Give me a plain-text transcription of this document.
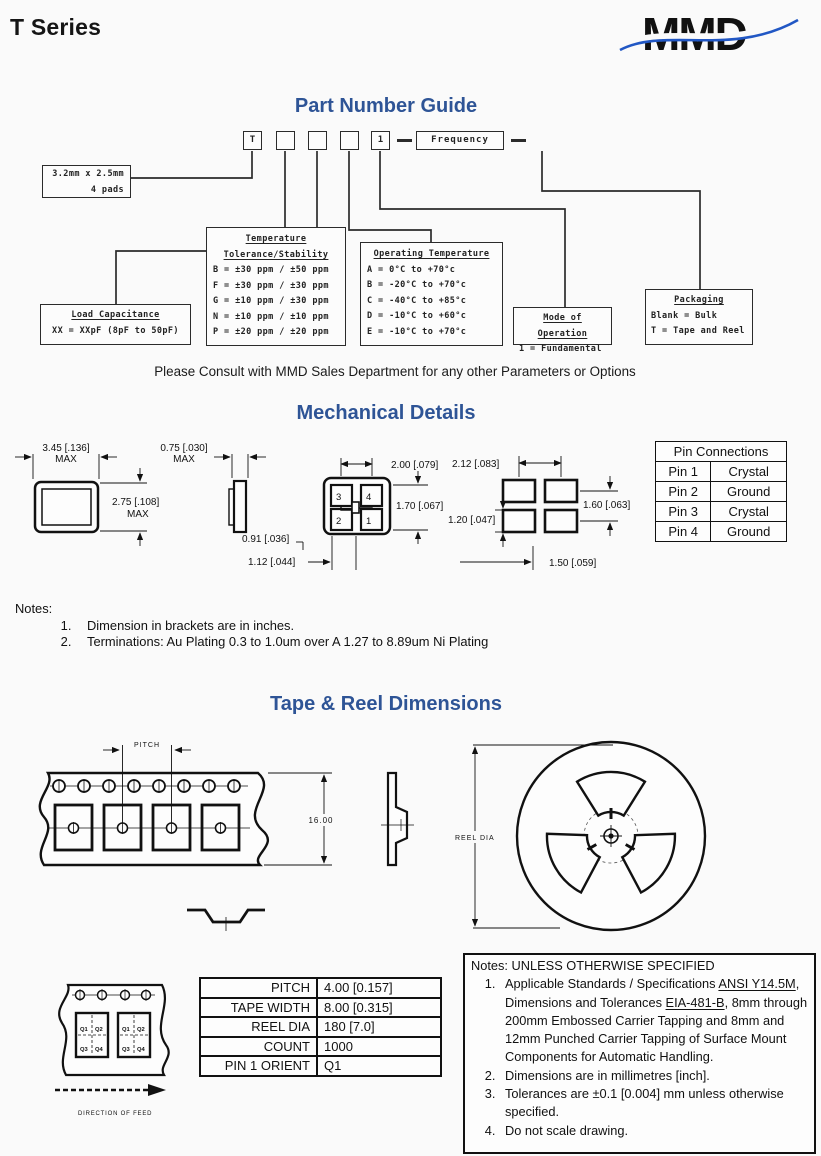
T Series	MMD
Part Number Guide
T	1	Frequency
3.2mm x 2.5mm
4 pads
Load Capacitance
XX = XXpF (8pF to 50pF)
Temperature
Tolerance/Stability
B = ±30 ppm / ±50 ppm
F = ±30 ppm / ±30 ppm
G = ±10 ppm / ±30 ppm
N = ±10 ppm / ±10 ppm
P = ±20 ppm / ±20 ppm
Operating Temperature
A = 0°C to +70°c
B = -20°C to +70°c
C = -40°C to +85°c
D = -10°C to +60°c
E = -10°C to +70°c
Mode of Operation
1 = Fundamental
Packaging
Blank = Bulk
T = Tape and Reel
Please Consult with MMD Sales Department for any other Parameters or Options
Mechanical Details
3.45 [.136]
MAX
2.75 [.108]
MAX
0.75 [.030]
MAX
3	4
2	1
2.00 [.079]
1.70 [.067]
0.91 [.036]
1.12 [.044]
2.12 [.083]
1.60 [.063]
1.20 [.047]
1.50 [.059]
Pin Connections	
Pin 1	Crystal
Pin 2	Ground
Pin 3	Crystal
Pin 4	Ground
Notes:
1. Dimension in brackets are in inches.
2. Terminations: Au Plating 0.3 to 1.0um over A 1.27 to 8.89um Ni Plating
Tape & Reel Dimensions
PITCH
16.00
REEL DIA
Q1 Q2
Q3 Q4
Q1 Q2
Q3 Q4
DIRECTION OF FEED
PITCH	4.00 [0.157]
TAPE WIDTH	8.00 [0.315]
REEL DIA	180 [7.0]
COUNT	1000
PIN 1 ORIENT	Q1
Notes: UNLESS OTHERWISE SPECIFIED
1. Applicable Standards / Specifications ANSI Y14.5M, Dimensions and Tolerances EIA-481-B, 8mm through 200mm Embossed Carrier Tapping and 8mm and 12mm Punched Carrier Tapping of Surface Mount Components for Automatic Handling.
2. Dimensions are in millimetres [inch].
3. Tolerances are ±0.1 [0.004] mm unless otherwise specified.
4. Do not scale drawing.
